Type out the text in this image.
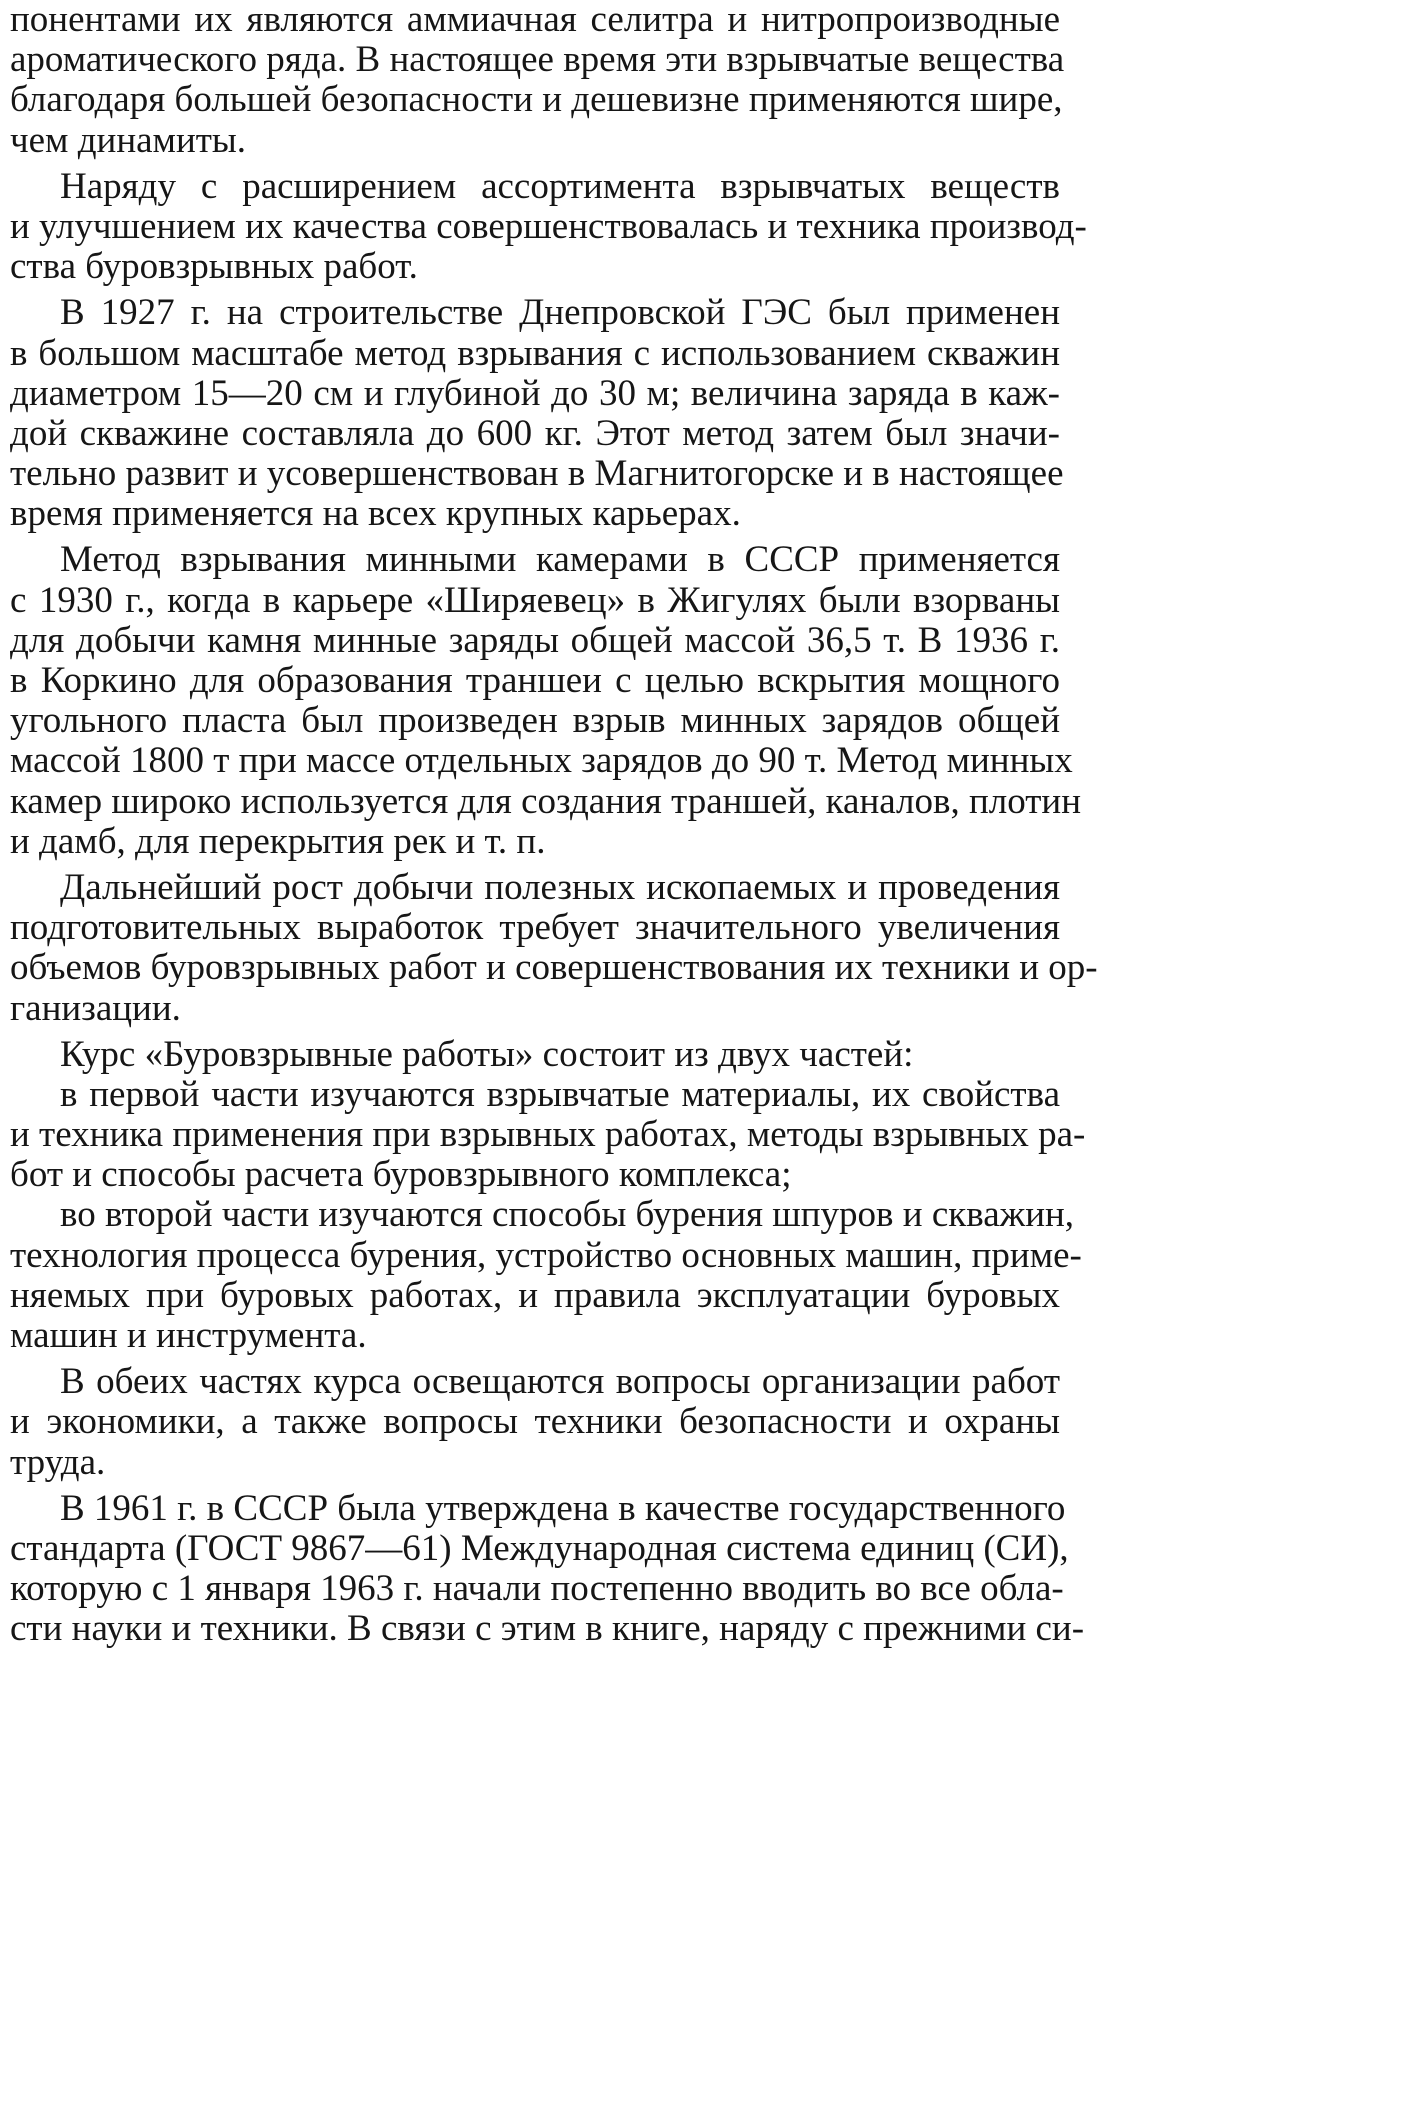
понентами их являются аммиачная селитра и нитропроизводные
ароматического ряда. В настоящее время эти взрывчатые вещества
благодаря большей безопасности и дешевизне применяются шире,
чем динамиты.
Наряду с расширением ассортимента взрывчатых веществ
и улучшением их качества совершенствовалась и техника производ-
ства буровзрывных работ.
В 1927 г. на строительстве Днепровской ГЭС был применен
в большом масштабе метод взрывания с использованием скважин
диаметром 15—20 см и глубиной до 30 м; величина заряда в каж-
дой скважине составляла до 600 кг. Этот метод затем был значи-
тельно развит и усовершенствован в Магнитогорске и в настоящее
время применяется на всех крупных карьерах.
Метод взрывания минными камерами в СССР применяется
с 1930 г., когда в карьере «Ширяевец» в Жигулях были взорваны
для добычи камня минные заряды общей массой 36,5 т. В 1936 г.
в Коркино для образования траншеи с целью вскрытия мощного
угольного пласта был произведен взрыв минных зарядов общей
массой 1800 т при массе отдельных зарядов до 90 т. Метод минных
камер широко используется для создания траншей, каналов, плотин
и дамб, для перекрытия рек и т. п.
Дальнейший рост добычи полезных ископаемых и проведения
подготовительных выработок требует значительного увеличения
объемов буровзрывных работ и совершенствования их техники и ор-
ганизации.
Курс «Буровзрывные работы» состоит из двух частей:
в первой части изучаются взрывчатые материалы, их свойства
и техника применения при взрывных работах, методы взрывных ра-
бот и способы расчета буровзрывного комплекса;
во второй части изучаются способы бурения шпуров и скважин,
технология процесса бурения, устройство основных машин, приме-
няемых при буровых работах, и правила эксплуатации буровых
машин и инструмента.
В обеих частях курса освещаются вопросы организации работ
и экономики, а также вопросы техники безопасности и охраны
труда.
В 1961 г. в СССР была утверждена в качестве государственного
стандарта (ГОСТ 9867—61) Международная система единиц (СИ),
которую с 1 января 1963 г. начали постепенно вводить во все обла-
сти науки и техники. В связи с этим в книге, наряду с прежними си-
